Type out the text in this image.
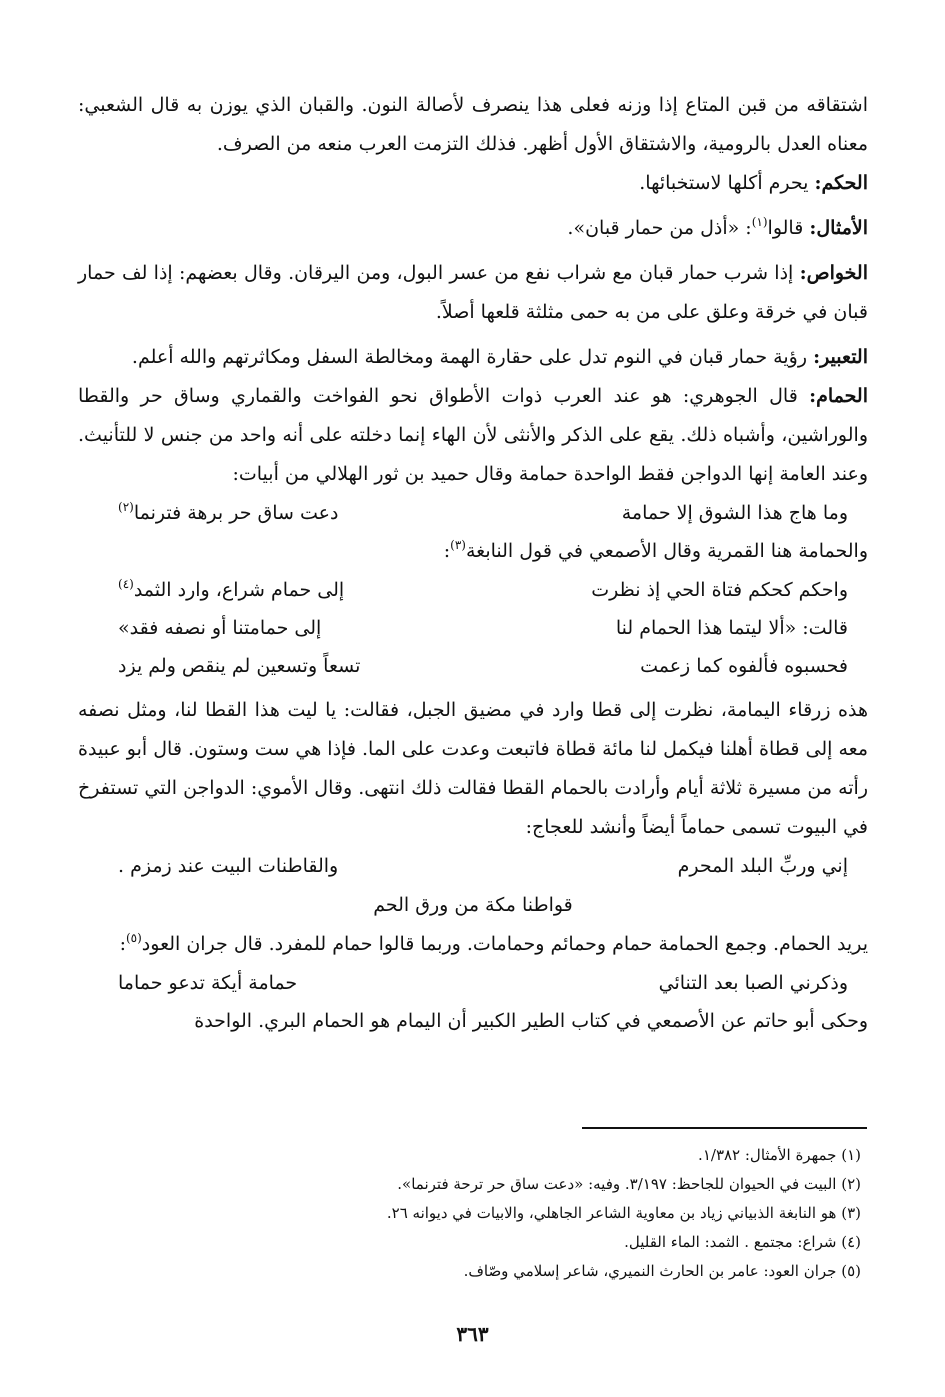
اشتقاقه من قبن المتاع إذا وزنه فعلى هذا ينصرف لأصالة النون. والقبان الذي يوزن به قال الشعبي: معناه العدل بالرومية، والاشتقاق الأول أظهر. فذلك التزمت العرب منعه من الصرف.

الحكم: يحرم أكلها لاستخبائها.

الأمثال: قالوا$^{(١)}$: «أذل من حمار قبان».

الخواص: إذا شرب حمار قبان مع شراب نفع من عسر البول، ومن اليرقان. وقال بعضهم: إذا لف حمار قبان في خرقة وعلق على من به حمى مثلثة قلعها أصلاً.

التعبير: رؤية حمار قبان في النوم تدل على حقارة الهمة ومخالطة السفل ومكاثرتهم والله أعلم.

الحمام: قال الجوهري: هو عند العرب ذوات الأطواق نحو الفواخت والقماري وساق حر والقطا والوراشين، وأشباه ذلك. يقع على الذكر والأنثى لأن الهاء إنما دخلته على أنه واحد من جنس لا للتأنيث. وعند العامة إنها الدواجن فقط الواحدة حمامة وقال حميد بن ثور الهلالي من أبيات:

وما هاج هذا الشوق إلا حمامة
دعت ساق حر برهة فترنما$^{(٢)}$

والحمامة هنا القمرية وقال الأصمعي في قول النابغة$^{(٣)}$:

واحكم كحكم فتاة الحي إذ نظرت
إلى حمام شراع، وارد الثمد$^{(٤)}$
قالت: «ألا ليتما هذا الحمام لنا
إلى حمامتنا أو نصفه فقد»
فحسبوه فألفوه كما زعمت
تسعاً وتسعين لم ينقص ولم يزد

هذه زرقاء اليمامة، نظرت إلى قطا وارد في مضيق الجبل، فقالت: يا ليت هذا القطا لنا، ومثل نصفه معه إلى قطاة أهلنا فيكمل لنا مائة قطاة فاتبعت وعدت على الما. فإذا هي ست وستون. قال أبو عبيدة رأته من مسيرة ثلاثة أيام وأرادت بالحمام القطا فقالت ذلك انتهى. وقال الأموي: الدواجن التي تستفرخ في البيوت تسمى حماماً أيضاً وأنشد للعجاج:

إني وربِّ البلد المحرم
والقاطنات البيت عند زمزم .
قواطنا مكة من ورق الحم

يريد الحمام. وجمع الحمامة حمام وحمائم وحمامات. وربما قالوا حمام للمفرد. قال جران العود$^{(٥)}$:

وذكرني الصبا بعد التنائي
حمامة أيكة تدعو حماما

وحكى أبو حاتم عن الأصمعي في كتاب الطير الكبير أن اليمام هو الحمام البري. الواحدة

(١) جمهرة الأمثال: ١/٣٨٢.

(٢) البيت في الحيوان للجاحظ: ٣/١٩٧. وفيه: «دعت ساق حر ترحة فترنما».

(٣) هو النابغة الذبياني زياد بن معاوية الشاعر الجاهلي، والابيات في ديوانه ٢٦.

(٤) شراع: مجتمع . الثمد: الماء القليل.

(٥) جران العود: عامر بن الحارث النميري، شاعر إسلامي وصّاف.

٣٦٣
